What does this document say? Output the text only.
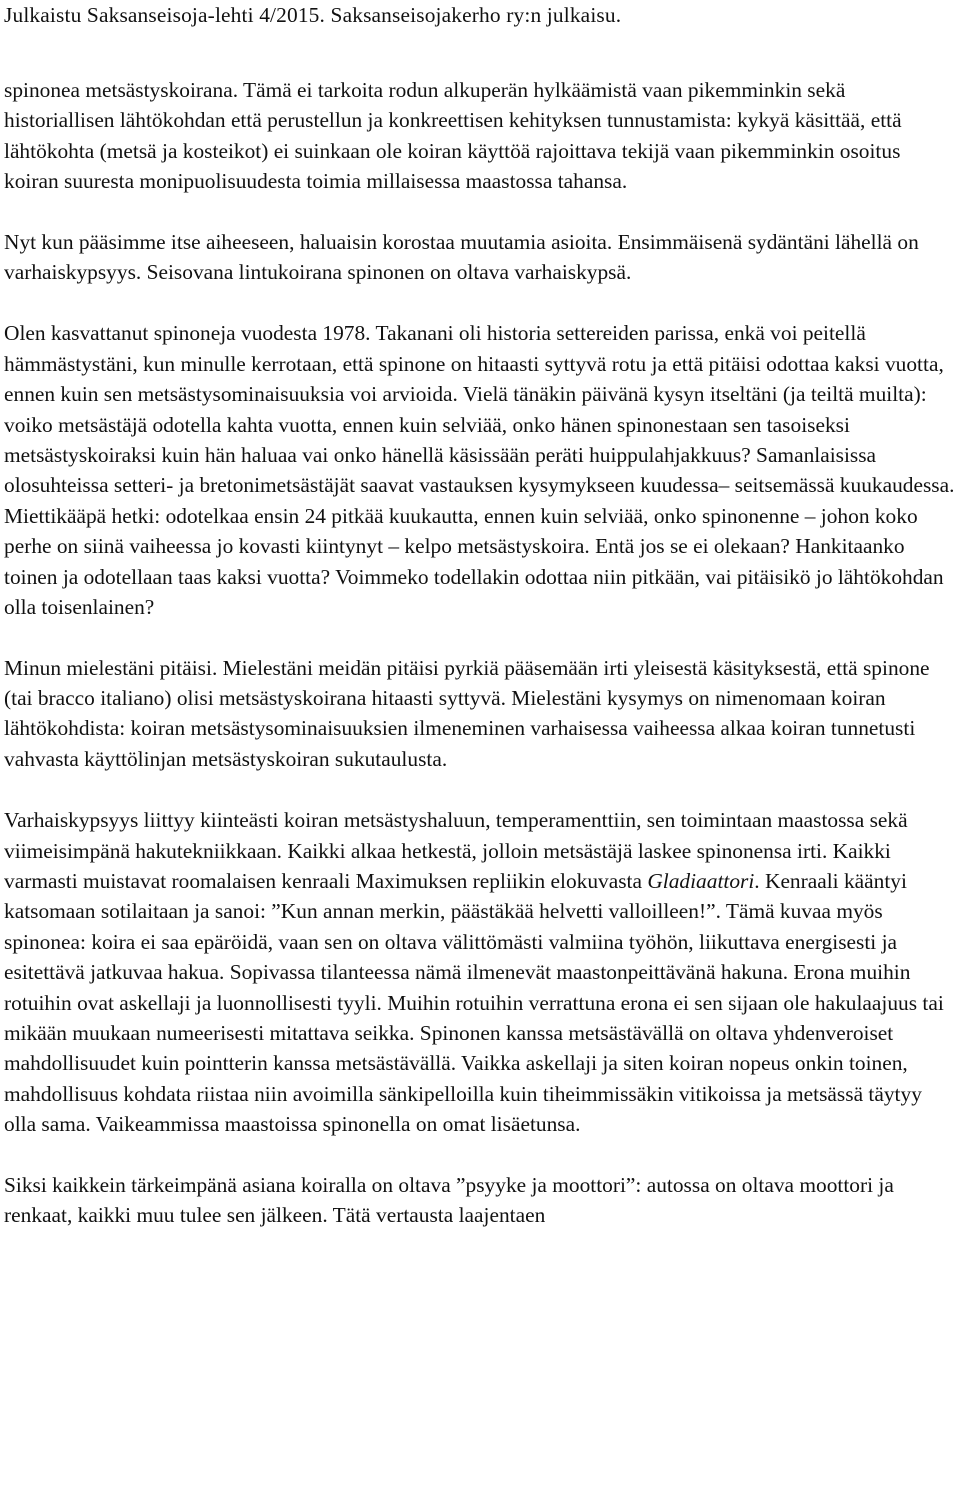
Julkaistu Saksanseisoja-lehti 4/2015. Saksanseisojakerho ry:n julkaisu.

spinonea metsästyskoirana. Tämä ei tarkoita rodun alkuperän hylkäämistä vaan pikemminkin sekä historiallisen lähtökohdan että perustellun ja konkreettisen kehityksen tunnustamista: kykyä käsittää, että lähtökohta (metsä ja kosteikot) ei suinkaan ole koiran käyttöä rajoittava tekijä vaan pikemminkin osoitus koiran suuresta monipuolisuudesta toimia millaisessa maastossa tahansa.

Nyt kun pääsimme itse aiheeseen, haluaisin korostaa muutamia asioita. Ensimmäisenä sydäntäni lähellä on varhaiskypsyys. Seisovana lintukoirana spinonen on oltava varhaiskypsä.

Olen kasvattanut spinoneja vuodesta 1978. Takanani oli historia settereiden parissa, enkä voi peitellä hämmästystäni, kun minulle kerrotaan, että spinone on hitaasti syttyvä rotu ja että pitäisi odottaa kaksi vuotta, ennen kuin sen metsästysominaisuuksia voi arvioida. Vielä tänäkin päivänä kysyn itseltäni (ja teiltä muilta): voiko metsästäjä odotella kahta vuotta, ennen kuin selviää, onko hänen spinonestaan sen tasoiseksi metsästyskoiraksi kuin hän haluaa vai onko hänellä käsissään peräti huippulahjakkuus? Samanlaisissa olosuhteissa setteri- ja bretonimetsästäjät saavat vastauksen kysymykseen kuudessa– seitsemässä kuukaudessa. Miettikääpä hetki: odotelkaa ensin 24 pitkää kuukautta, ennen kuin selviää, onko spinonenne – johon koko perhe on siinä vaiheessa jo kovasti kiintynyt – kelpo metsästyskoira. Entä jos se ei olekaan? Hankitaanko toinen ja odotellaan taas kaksi vuotta? Voimmeko todellakin odottaa niin pitkään, vai pitäisikö jo lähtökohdan olla toisenlainen?

Minun mielestäni pitäisi. Mielestäni meidän pitäisi pyrkiä pääsemään irti yleisestä käsityksestä, että spinone (tai bracco italiano) olisi metsästyskoirana hitaasti syttyvä. Mielestäni kysymys on nimenomaan koiran lähtökohdista: koiran metsästysominaisuuksien ilmeneminen varhaisessa vaiheessa alkaa koiran tunnetusti vahvasta käyttölinjan metsästyskoiran sukutaulusta.

Varhaiskypsyys liittyy kiinteästi koiran metsästyshaluun, temperamenttiin, sen toimintaan maastossa sekä viimeisimpänä hakutekniikkaan. Kaikki alkaa hetkestä, jolloin metsästäjä laskee spinonensa irti. Kaikki varmasti muistavat roomalaisen kenraali Maximuksen repliikin elokuvasta Gladiaattori. Kenraali kääntyi katsomaan sotilaitaan ja sanoi: ”Kun annan merkin, päästäkää helvetti valloilleen!”. Tämä kuvaa myös spinonea: koira ei saa epäröidä, vaan sen on oltava välittömästi valmiina työhön, liikuttava energisesti ja esitettävä jatkuvaa hakua. Sopivassa tilanteessa nämä ilmenevät maastonpeittävänä hakuna. Erona muihin rotuihin ovat askellaji ja luonnollisesti tyyli. Muihin rotuihin verrattuna erona ei sen sijaan ole hakulaajuus tai mikään muukaan numeerisesti mitattava seikka. Spinonen kanssa metsästävällä on oltava yhdenveroiset mahdollisuudet kuin pointterin kanssa metsästävällä. Vaikka askellaji ja siten koiran nopeus onkin toinen, mahdollisuus kohdata riistaa niin avoimilla sänkipelloilla kuin tiheimmissäkin vitikoissa ja metsässä täytyy olla sama. Vaikeammissa maastoissa spinonella on omat lisäetunsa.

Siksi kaikkein tärkeimpänä asiana koiralla on oltava ”psyyke ja moottori”: autossa on oltava moottori ja renkaat, kaikki muu tulee sen jälkeen. Tätä vertausta laajentaen
